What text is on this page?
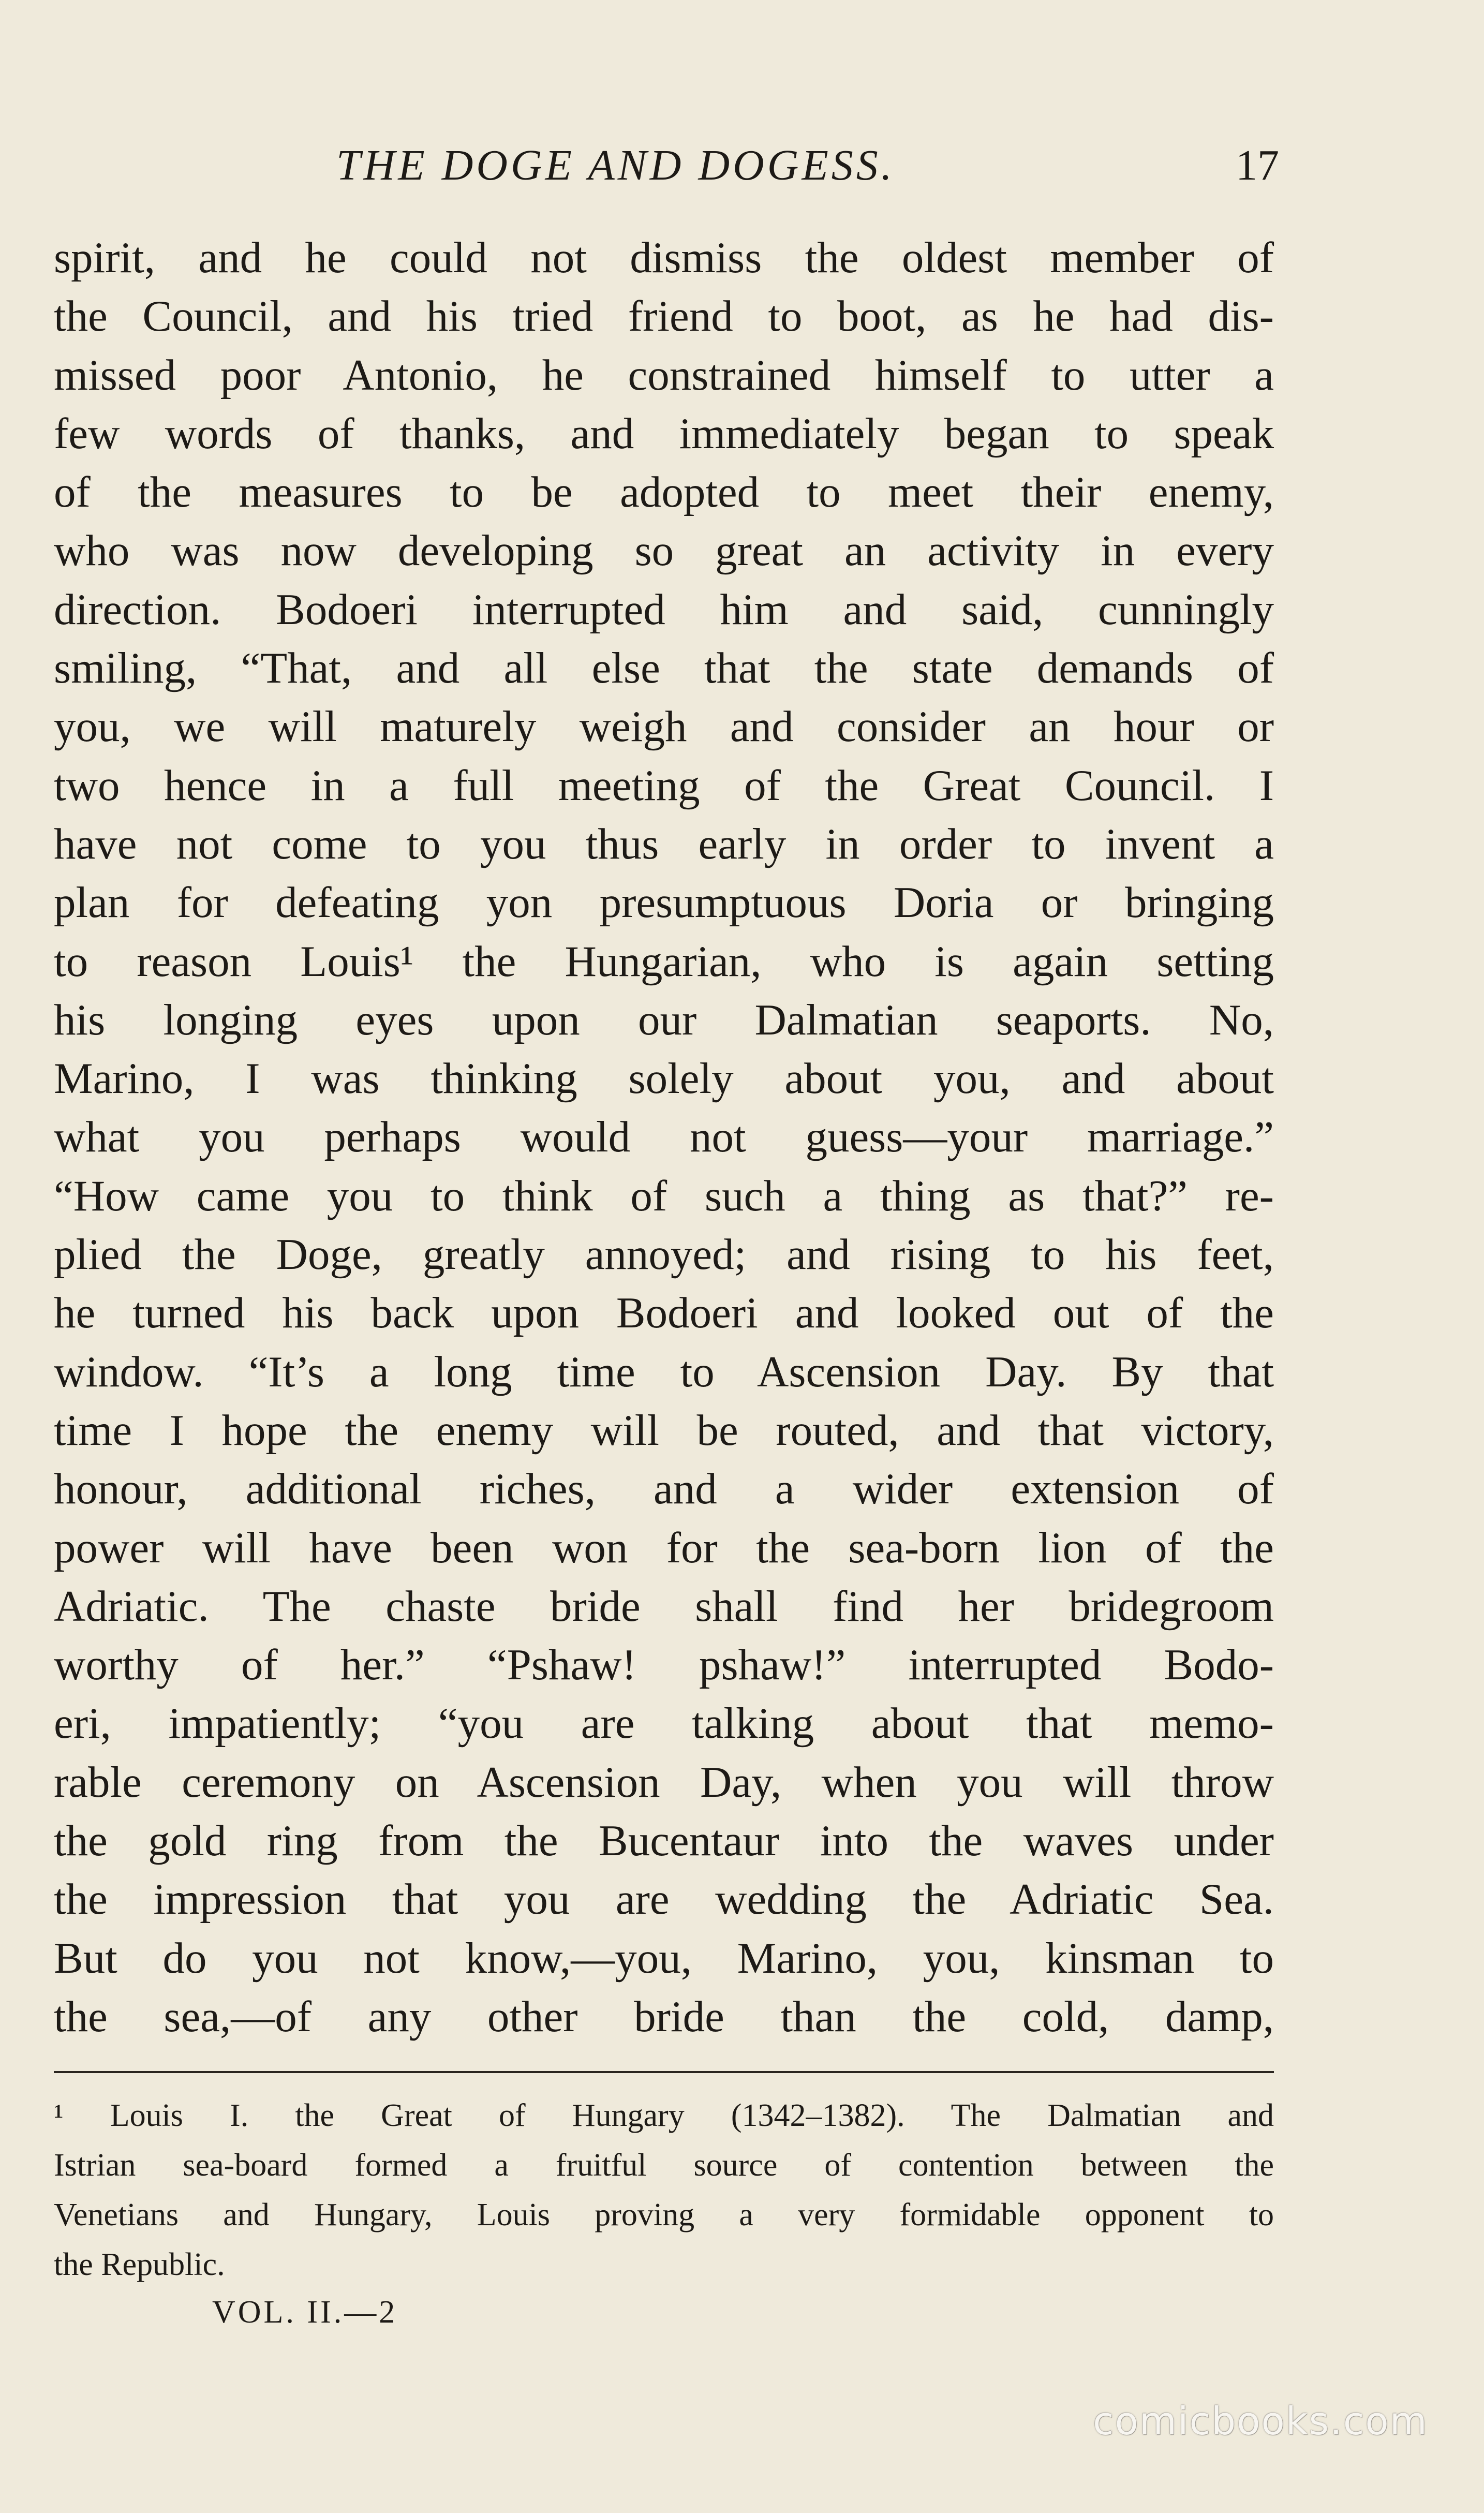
THE DOGE AND DOGESS.	17
spirit, and he could not dismiss the oldest member of
the Council, and his tried friend to boot, as he had dis-
missed poor Antonio, he constrained himself to utter a
few words of thanks, and immediately began to speak
of the measures to be adopted to meet their enemy,
who was now developing so great an activity in every
direction. Bodoeri interrupted him and said, cunningly
smiling, “That, and all else that the state demands of
you, we will maturely weigh and consider an hour or
two hence in a full meeting of the Great Council. I
have not come to you thus early in order to invent a
plan for defeating yon presumptuous Doria or bringing
to reason Louis¹ the Hungarian, who is again setting
his longing eyes upon our Dalmatian seaports. No,
Marino, I was thinking solely about you, and about
what you perhaps would not guess—your marriage.”
“How came you to think of such a thing as that?” re-
plied the Doge, greatly annoyed; and rising to his feet,
he turned his back upon Bodoeri and looked out of the
window. “It’s a long time to Ascension Day. By that
time I hope the enemy will be routed, and that victory,
honour, additional riches, and a wider extension of
power will have been won for the sea-born lion of the
Adriatic. The chaste bride shall find her bridegroom
worthy of her.” “Pshaw! pshaw!” interrupted Bodo-
eri, impatiently; “you are talking about that memo-
rable ceremony on Ascension Day, when you will throw
the gold ring from the Bucentaur into the waves under
the impression that you are wedding the Adriatic Sea.
But do you not know,—you, Marino, you, kinsman to
the sea,—of any other bride than the cold, damp,
¹ Louis I. the Great of Hungary (1342–1382). The Dalmatian and
Istrian sea-board formed a fruitful source of contention between the
Venetians and Hungary, Louis proving a very formidable opponent to
the Republic.
VOL. II.—2
comicbooks.com
